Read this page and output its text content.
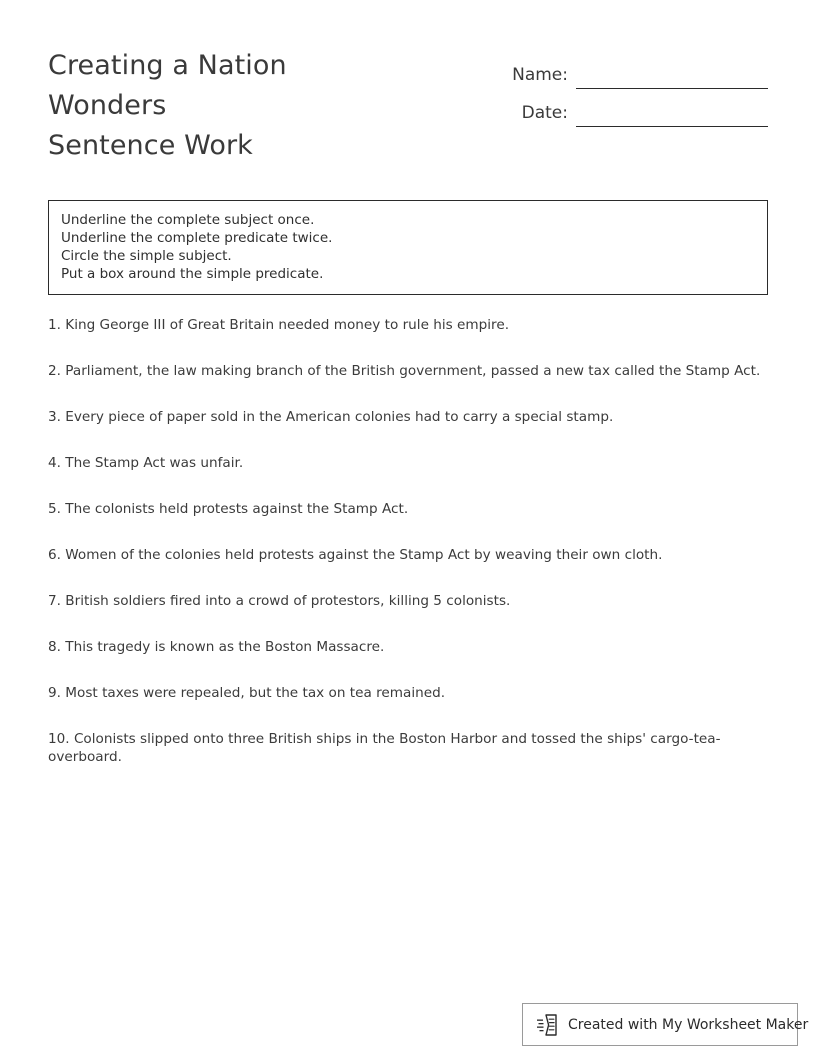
Creating a Nation
Wonders
Sentence Work
Name:
Date:
Underline the complete subject once.
Underline the complete predicate twice.
Circle the simple subject.
Put a box around the simple predicate.
1. King George III of Great Britain needed money to rule his empire.
2. Parliament, the law making branch of the British government, passed a new tax called the Stamp Act.
3. Every piece of paper sold in the American colonies had to carry a special stamp.
4. The Stamp Act was unfair.
5. The colonists held protests against the Stamp Act.
6. Women of the colonies held protests against the Stamp Act by weaving their own cloth.
7. British soldiers fired into a crowd of protestors, killing 5 colonists.
8. This tragedy is known as the Boston Massacre.
9. Most taxes were repealed, but the tax on tea remained.
10. Colonists slipped onto three British ships in the Boston Harbor and tossed the ships' cargo-tea-overboard.
Created with My Worksheet Maker
